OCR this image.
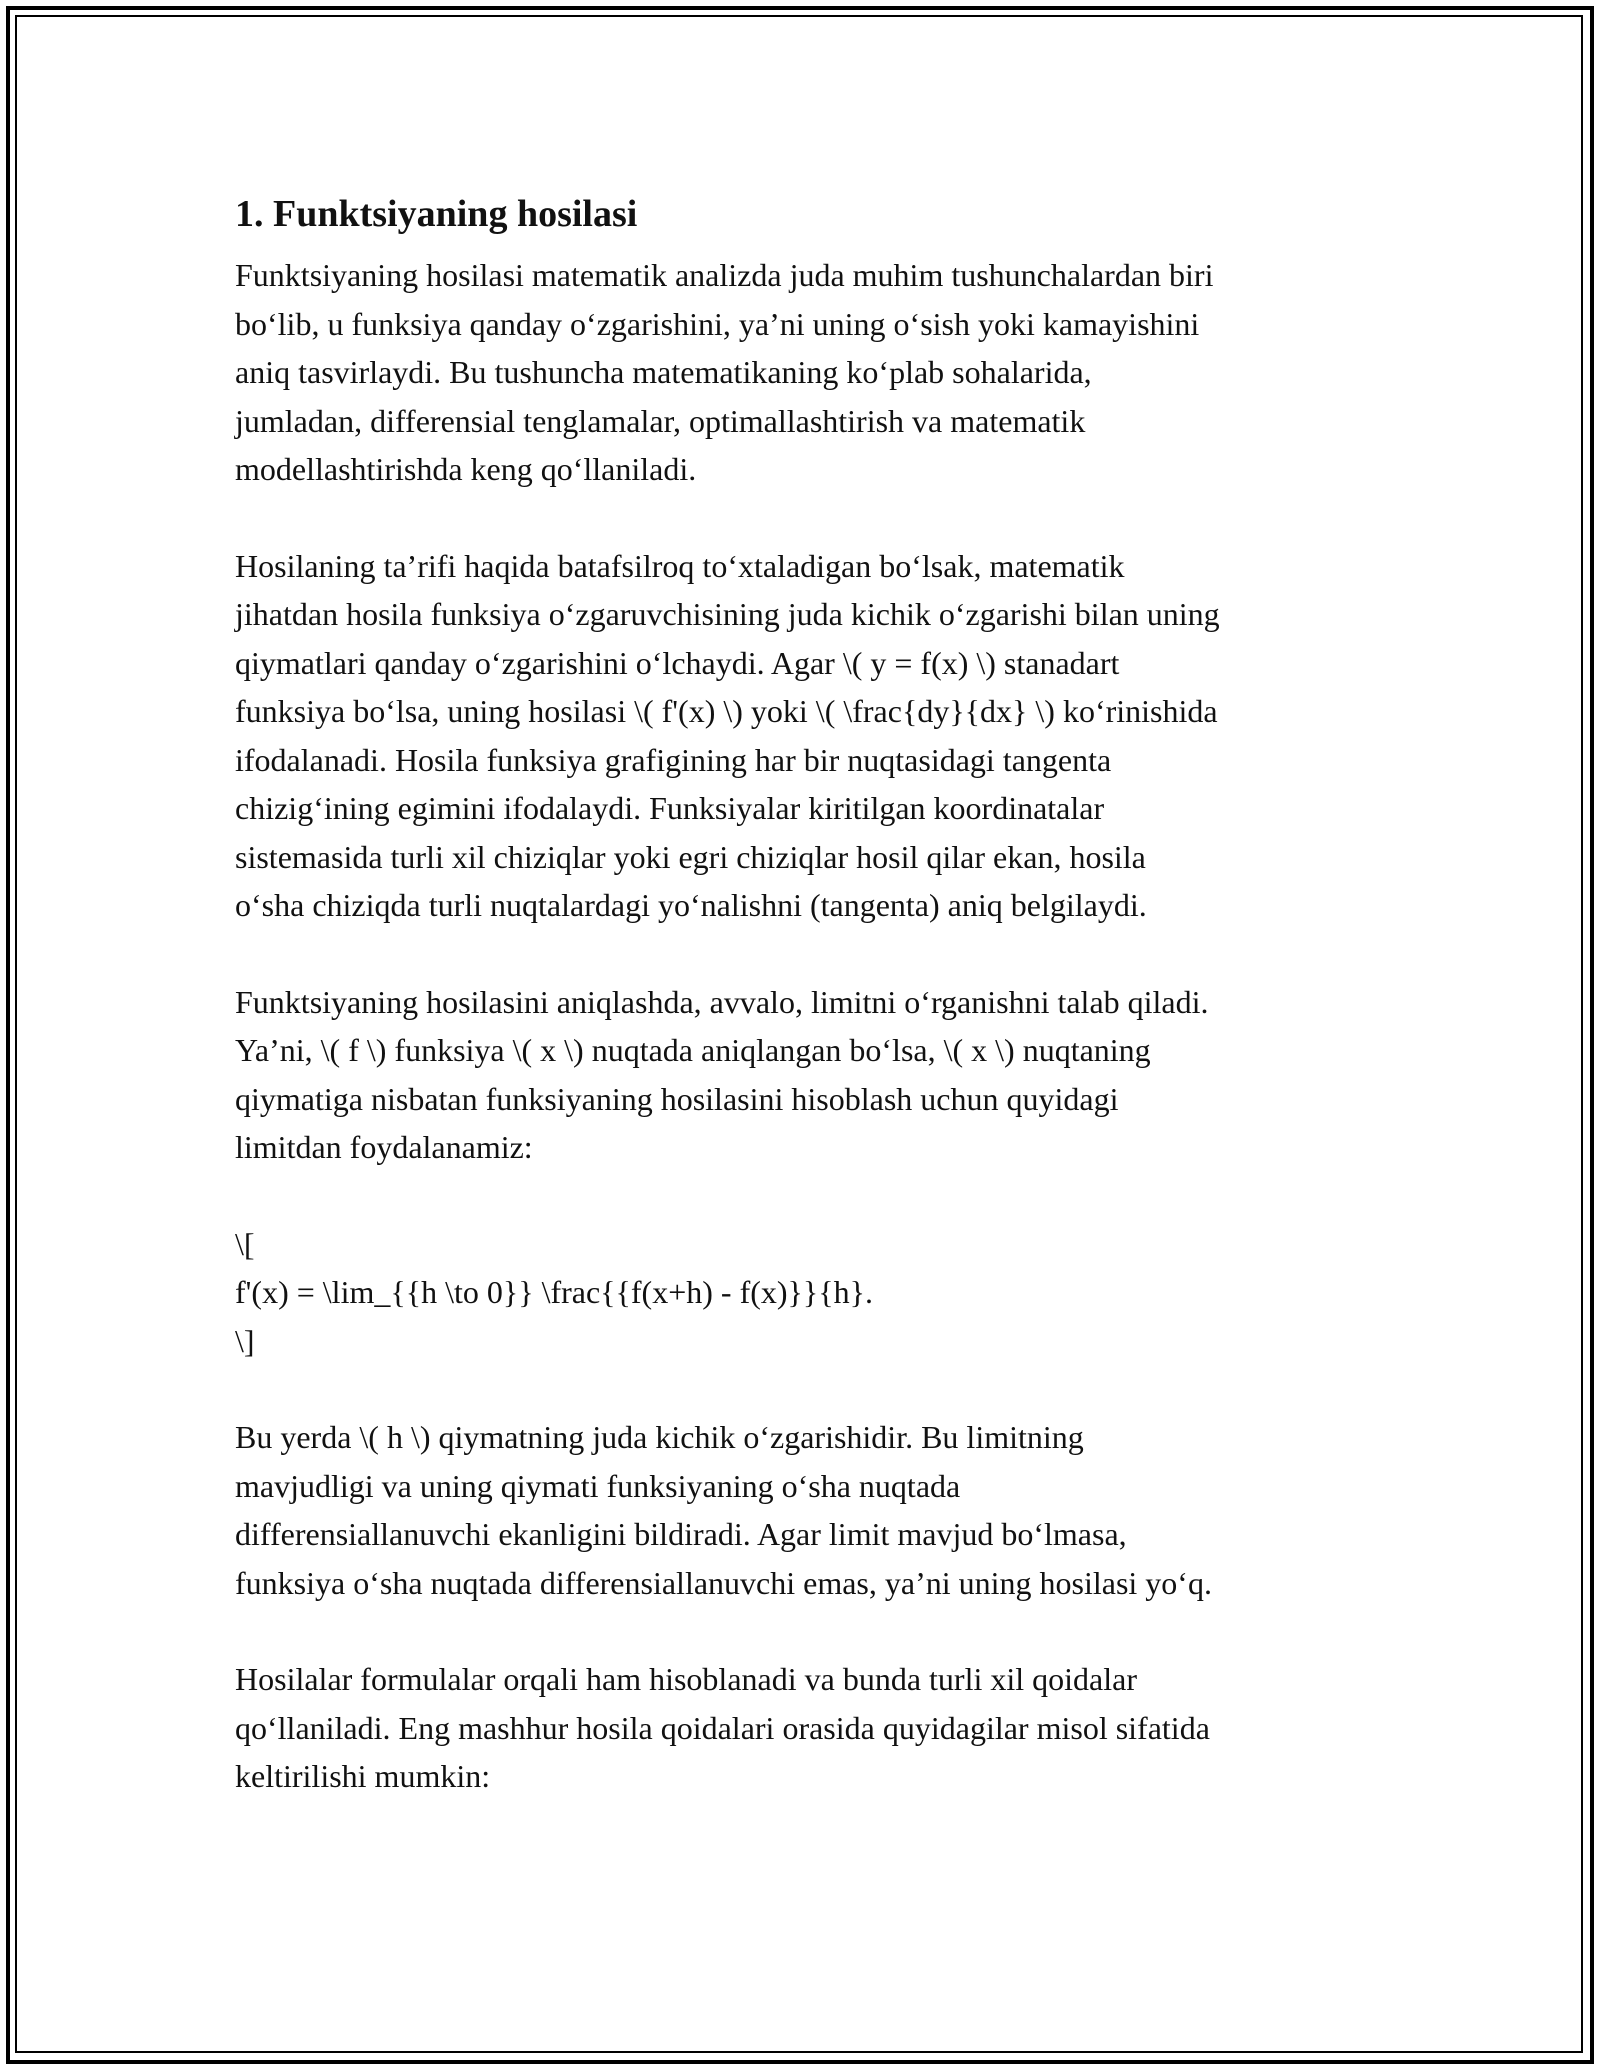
1. Funktsiyaning hosilasi

Funktsiyaning hosilasi matematik analizda juda muhim tushunchalardan biri
bo‘lib, u funksiya qanday o‘zgarishini, ya’ni uning o‘sish yoki kamayishini
aniq tasvirlaydi. Bu tushuncha matematikaning ko‘plab sohalarida,
jumladan, differensial tenglamalar, optimallashtirish va matematik
modellashtirishda keng qo‘llaniladi.

Hosilaning ta’rifi haqida batafsilroq to‘xtaladigan bo‘lsak, matematik
jihatdan hosila funksiya o‘zgaruvchisining juda kichik o‘zgarishi bilan uning
qiymatlari qanday o‘zgarishini o‘lchaydi. Agar \( y = f(x) \) stanadart
funksiya bo‘lsa, uning hosilasi \( f'(x) \) yoki \( \frac{dy}{dx} \) ko‘rinishida
ifodalanadi. Hosila funksiya grafigining har bir nuqtasidagi tangenta
chizig‘ining egimini ifodalaydi. Funksiyalar kiritilgan koordinatalar
sistemasida turli xil chiziqlar yoki egri chiziqlar hosil qilar ekan, hosila
o‘sha chiziqda turli nuqtalardagi yo‘nalishni (tangenta) aniq belgilaydi.

Funktsiyaning hosilasini aniqlashda, avvalo, limitni o‘rganishni talab qiladi.
Ya’ni, \( f \) funksiya \( x \) nuqtada aniqlangan bo‘lsa, \( x \) nuqtaning
qiymatiga nisbatan funksiyaning hosilasini hisoblash uchun quyidagi
limitdan foydalanamiz:

\[
f'(x) = \lim_{{h \to 0}} \frac{{f(x+h) - f(x)}}{h}.
\]

Bu yerda \( h \) qiymatning juda kichik o‘zgarishidir. Bu limitning
mavjudligi va uning qiymati funksiyaning o‘sha nuqtada
differensiallanuvchi ekanligini bildiradi. Agar limit mavjud bo‘lmasa,
funksiya o‘sha nuqtada differensiallanuvchi emas, ya’ni uning hosilasi yo‘q.

Hosilalar formulalar orqali ham hisoblanadi va bunda turli xil qoidalar
qo‘llaniladi. Eng mashhur hosila qoidalari orasida quyidagilar misol sifatida
keltirilishi mumkin:
